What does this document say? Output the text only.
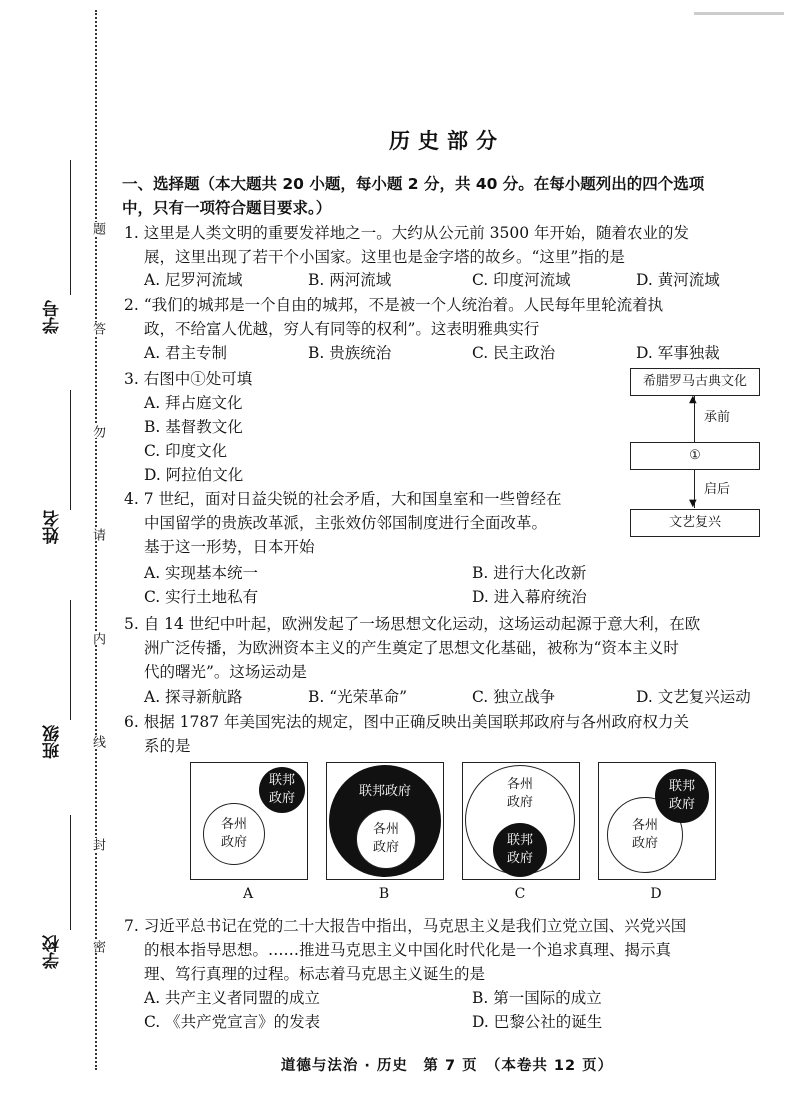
题
答
勿
请
内
线
封
密
学号
姓名
班级
学校
历史部分
一、选择题（本大题共 20 小题，每小题 2 分，共 40 分。在每小题列出的四个选项
中，只有一项符合题目要求。）
1. 这里是人类文明的重要发祥地之一。大约从公元前 3500 年开始，随着农业的发
展，这里出现了若干个小国家。这里也是金字塔的故乡。“这里”指的是
A. 尼罗河流域	B. 两河流域	C. 印度河流域	D. 黄河流域
2. “我们的城邦是一个自由的城邦，不是被一个人统治着。人民每年里轮流着执
政，不给富人优越，穷人有同等的权利”。这表明雅典实行
A. 君主专制	B. 贵族统治	C. 民主政治	D. 军事独裁
3. 右图中①处可填
A. 拜占庭文化
B. 基督教文化
C. 印度文化
D. 阿拉伯文化
4. 7 世纪，面对日益尖锐的社会矛盾，大和国皇室和一些曾经在
中国留学的贵族改革派，主张效仿邻国制度进行全面改革。
基于这一形势，日本开始
A. 实现基本统一	B. 进行大化改新
C. 实行土地私有	D. 进入幕府统治
5. 自 14 世纪中叶起，欧洲发起了一场思想文化运动，这场运动起源于意大利，在欧
洲广泛传播，为欧洲资本主义的产生奠定了思想文化基础，被称为“资本主义时
代的曙光”。这场运动是
A. 探寻新航路	B. “光荣革命”	C. 独立战争	D. 文艺复兴运动
6. 根据 1787 年美国宪法的规定，图中正确反映出美国联邦政府与各州政府权力关
系的是
7. 习近平总书记在党的二十大报告中指出，马克思主义是我们立党立国、兴党兴国
的根本指导思想。……推进马克思主义中国化时代化是一个追求真理、揭示真
理、笃行真理的过程。标志着马克思主义诞生的是
A. 共产主义者同盟的成立	B. 第一国际的成立
C. 《共产党宣言》的发表	D. 巴黎公社的诞生
道德与法治 · 历史　第 7 页　（本卷共 12 页）
希腊罗马古典文化
▲
承前
①
▼
启后
文艺复兴
各州
政府
联邦
政府
A
联邦政府
各州
政府
B
各州
政府
联邦
政府
C
各州
政府
联邦
政府
D
